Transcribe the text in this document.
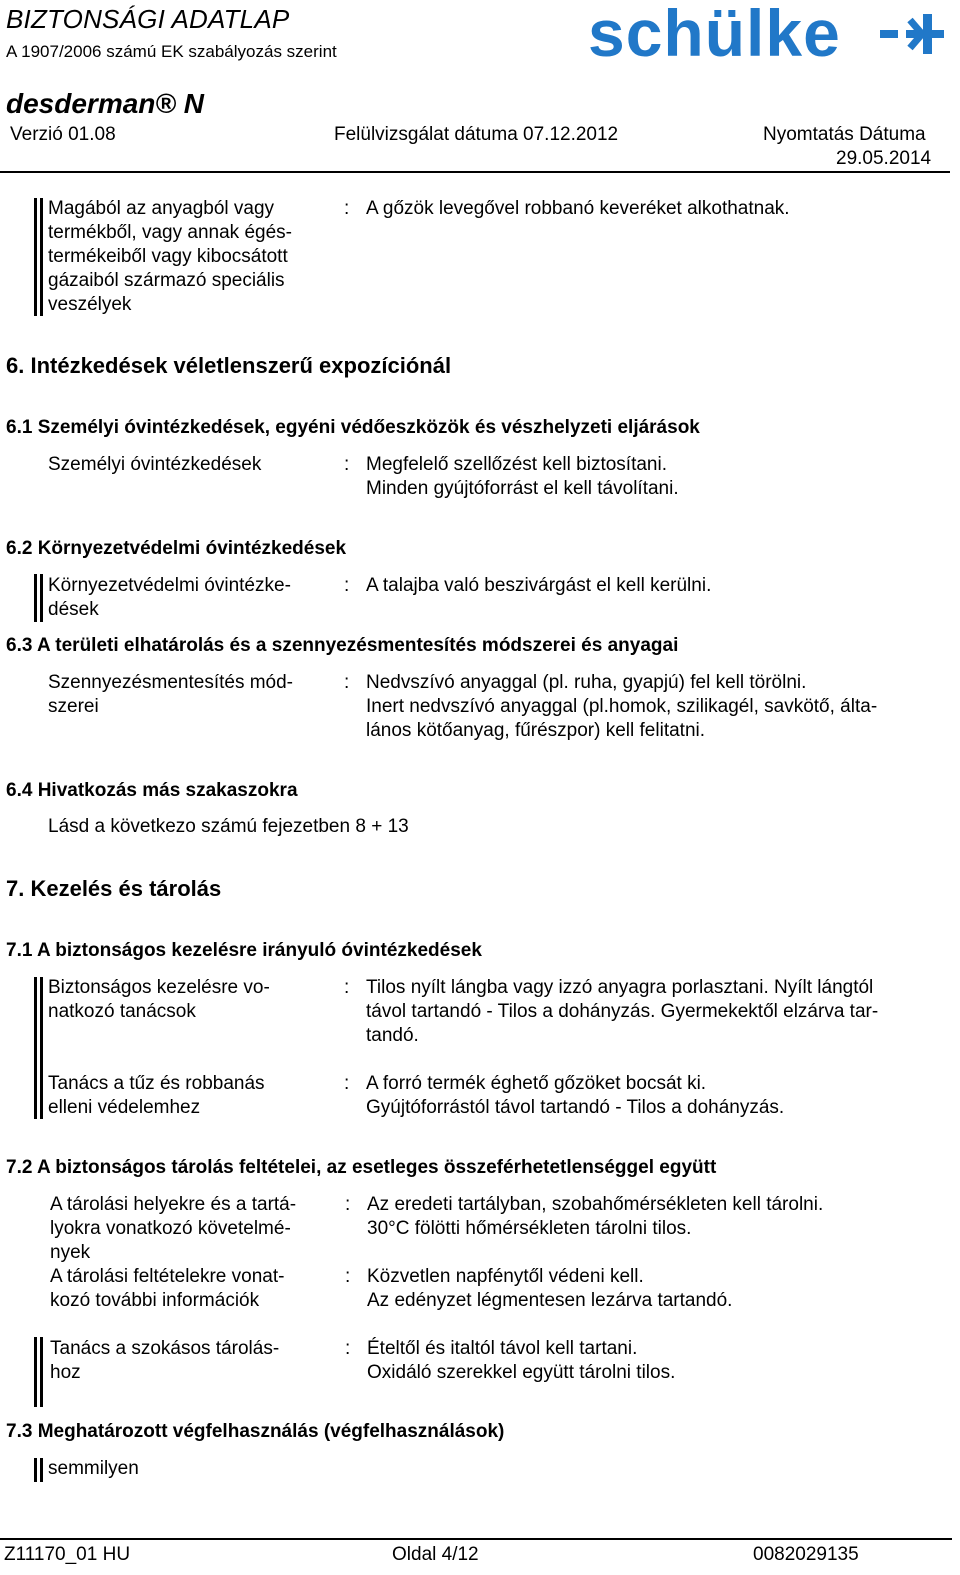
BIZTONSÁGI ADATLAP
A 1907/2006 számú EK szabályozás szerint	schülke
desderman® N
Verzió 01.08	Felülvizsgálat dátuma 07.12.2012	Nyomtatás Dátuma
29.05.2014
Magából az anyagból vagy
termékből, vagy annak égés-
termékeiből vagy kibocsátott
gázaiból származó speciális
veszélyek
: A gőzök levegővel robbanó keveréket alkothatnak.
6. Intézkedések véletlenszerű expozíciónál
6.1 Személyi óvintézkedések, egyéni védőeszközök és vészhelyzeti eljárások
Személyi óvintézkedések	: Megfelelő szellőzést kell biztosítani.
Minden gyújtóforrást el kell távolítani.
6.2 Környezetvédelmi óvintézkedések
Környezetvédelmi óvintézke-
dések
: A talajba való beszivárgást el kell kerülni.
6.3 A területi elhatárolás és a szennyezésmentesítés módszerei és anyagai
Szennyezésmentesítés mód-
szerei
: Nedvszívó anyaggal (pl. ruha, gyapjú) fel kell törölni.
Inert nedvszívó anyaggal (pl.homok, szilikagél, savkötő, álta-
lános kötőanyag, fűrészpor) kell felitatni.
6.4 Hivatkozás más szakaszokra
Lásd a következo számú fejezetben 8 + 13
7. Kezelés és tárolás
7.1 A biztonságos kezelésre irányuló óvintézkedések
Biztonságos kezelésre vo-
natkozó tanácsok
: Tilos nyílt lángba vagy izzó anyagra porlasztani. Nyílt lángtól
távol tartandó - Tilos a dohányzás. Gyermekektől elzárva tar-
tandó.
Tanács a tűz és robbanás
elleni védelemhez
: A forró termék éghető gőzöket bocsát ki.
Gyújtóforrástól távol tartandó - Tilos a dohányzás.
7.2 A biztonságos tárolás feltételei, az esetleges összeférhetetlenséggel együtt
A tárolási helyekre és a tartá-
lyokra vonatkozó követelmé-
nyek
: Az eredeti tartályban, szobahőmérsékleten kell tárolni.
30°C fölötti hőmérsékleten tárolni tilos.
A tárolási feltételekre vonat-
kozó további információk
: Közvetlen napfénytől védeni kell.
Az edényzet légmentesen lezárva tartandó.
Tanács a szokásos tárolás-
hoz
: Ételtől és italtól távol kell tartani.
Oxidáló szerekkel együtt tárolni tilos.
7.3 Meghatározott végfelhasználás (végfelhasználások)
semmilyen
Z11170_01 HU	Oldal 4/12	0082029135
